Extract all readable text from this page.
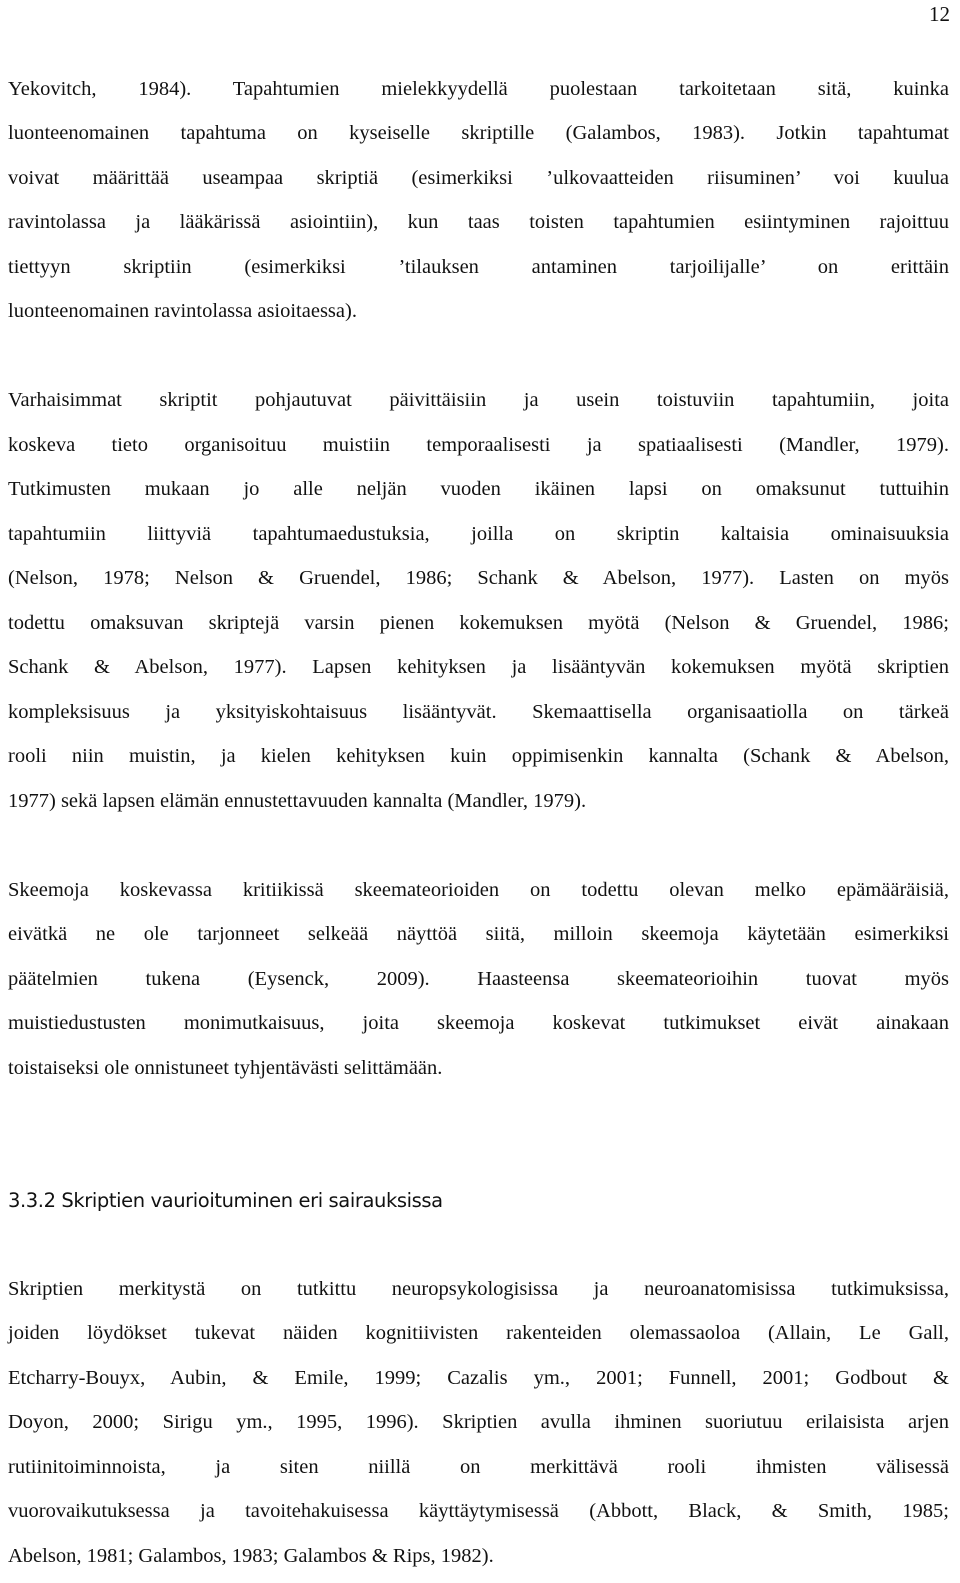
12
Yekovitch, 1984). Tapahtumien mielekkyydellä puolestaan tarkoitetaan sitä, kuinka
luonteenomainen tapahtuma on kyseiselle skriptille (Galambos, 1983). Jotkin tapahtumat
voivat määrittää useampaa skriptiä (esimerkiksi ’ulkovaatteiden riisuminen’ voi kuulua
ravintolassa ja lääkärissä asiointiin), kun taas toisten tapahtumien esiintyminen rajoittuu
tiettyyn skriptiin (esimerkiksi ’tilauksen antaminen tarjoilijalle’ on erittäin
luonteenomainen ravintolassa asioitaessa).
Varhaisimmat skriptit pohjautuvat päivittäisiin ja usein toistuviin tapahtumiin, joita
koskeva tieto organisoituu muistiin temporaalisesti ja spatiaalisesti (Mandler, 1979).
Tutkimusten mukaan jo alle neljän vuoden ikäinen lapsi on omaksunut tuttuihin
tapahtumiin liittyviä tapahtumaedustuksia, joilla on skriptin kaltaisia ominaisuuksia
(Nelson, 1978; Nelson & Gruendel, 1986; Schank & Abelson, 1977). Lasten on myös
todettu omaksuvan skriptejä varsin pienen kokemuksen myötä (Nelson & Gruendel, 1986;
Schank & Abelson, 1977). Lapsen kehityksen ja lisääntyvän kokemuksen myötä skriptien
kompleksisuus ja yksityiskohtaisuus lisääntyvät. Skemaattisella organisaatiolla on tärkeä
rooli niin muistin, ja kielen kehityksen kuin oppimisenkin kannalta (Schank & Abelson,
1977) sekä lapsen elämän ennustettavuuden kannalta (Mandler, 1979).
Skeemoja koskevassa kritiikissä skeemateorioiden on todettu olevan melko epämääräisiä,
eivätkä ne ole tarjonneet selkeää näyttöä siitä, milloin skeemoja käytetään esimerkiksi
päätelmien tukena (Eysenck, 2009). Haasteensa skeemateorioihin tuovat myös
muistiedustusten monimutkaisuus, joita skeemoja koskevat tutkimukset eivät ainakaan
toistaiseksi ole onnistuneet tyhjentävästi selittämään.
3.3.2 Skriptien vaurioituminen eri sairauksissa
Skriptien merkitystä on tutkittu neuropsykologisissa ja neuroanatomisissa tutkimuksissa,
joiden löydökset tukevat näiden kognitiivisten rakenteiden olemassaoloa (Allain, Le Gall,
Etcharry-Bouyx, Aubin, & Emile, 1999; Cazalis ym., 2001; Funnell, 2001; Godbout &
Doyon, 2000; Sirigu ym., 1995, 1996). Skriptien avulla ihminen suoriutuu erilaisista arjen
rutiinitoiminnoista, ja siten niillä on merkittävä rooli ihmisten välisessä
vuorovaikutuksessa ja tavoitehakuisessa käyttäytymisessä (Abbott, Black, & Smith, 1985;
Abelson, 1981; Galambos, 1983; Galambos & Rips, 1982).
